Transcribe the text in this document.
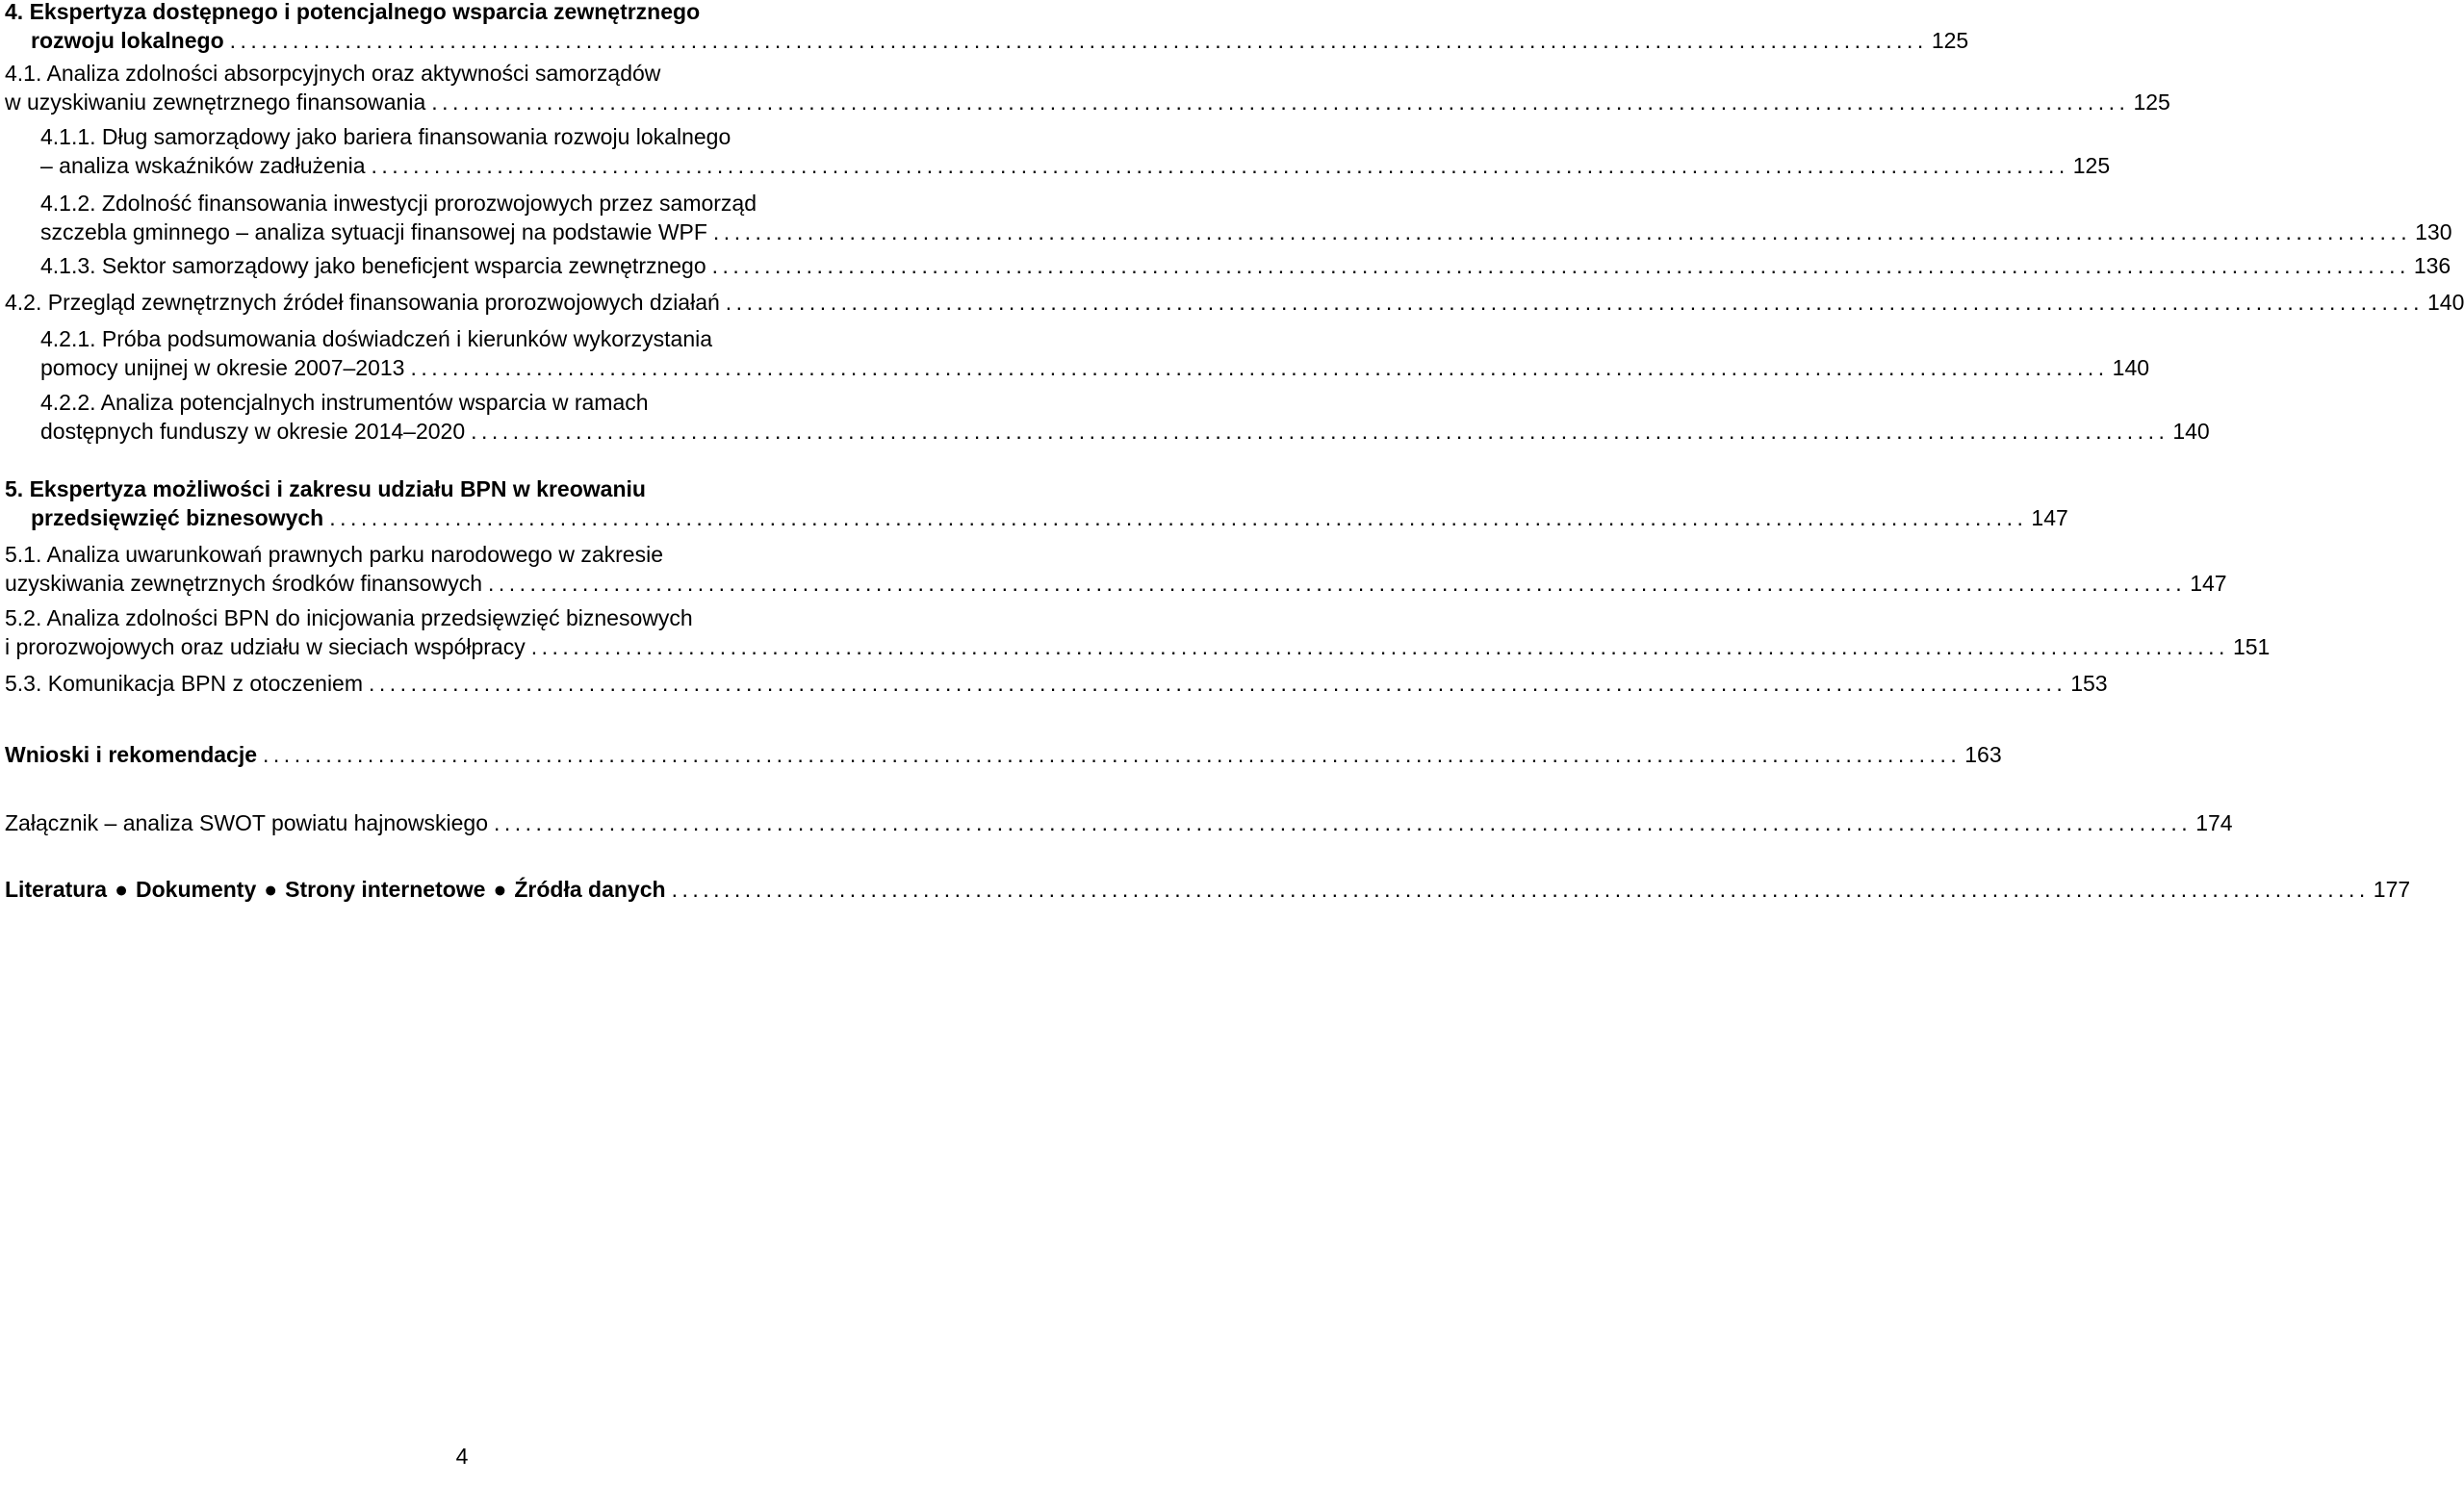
4. Ekspertyza dostępnego i potencjalnego wsparcia zewnętrznego
rozwoju lokalnego .................................................................................................................................................................. 125
4.1. Analiza zdolności absorpcyjnych oraz aktywności samorządów
w uzyskiwaniu zewnętrznego finansowania .................................................................................................................................................................. 125
4.1.1. Dług samorządowy jako bariera finansowania rozwoju lokalnego
– analiza wskaźników zadłużenia .................................................................................................................................................................. 125
4.1.2. Zdolność finansowania inwestycji prorozwojowych przez samorząd
szczebla gminnego – analiza sytuacji finansowej na podstawie WPF .................................................................................................................................................................. 130
4.1.3. Sektor samorządowy jako beneficjent wsparcia zewnętrznego .................................................................................................................................................................. 136
4.2. Przegląd zewnętrznych źródeł finansowania prorozwojowych działań .................................................................................................................................................................. 140
4.2.1. Próba podsumowania doświadczeń i kierunków wykorzystania
pomocy unijnej w okresie 2007–2013 .................................................................................................................................................................. 140
4.2.2. Analiza potencjalnych instrumentów wsparcia w ramach
dostępnych funduszy w okresie 2014–2020 .................................................................................................................................................................. 140
5. Ekspertyza możliwości i zakresu udziału BPN w kreowaniu
przedsięwzięć biznesowych .................................................................................................................................................................. 147
5.1. Analiza uwarunkowań prawnych parku narodowego w zakresie
uzyskiwania zewnętrznych środków finansowych .................................................................................................................................................................. 147
5.2. Analiza zdolności BPN do inicjowania przedsięwzięć biznesowych
i prorozwojowych oraz udziału w sieciach współpracy .................................................................................................................................................................. 151
5.3. Komunikacja BPN z otoczeniem .................................................................................................................................................................. 153
Wnioski i rekomendacje .................................................................................................................................................................. 163
Załącznik – analiza SWOT powiatu hajnowskiego .................................................................................................................................................................. 174
Literatura ● Dokumenty ● Strony internetowe ● Źródła danych .................................................................................................................................................................. 177
4
